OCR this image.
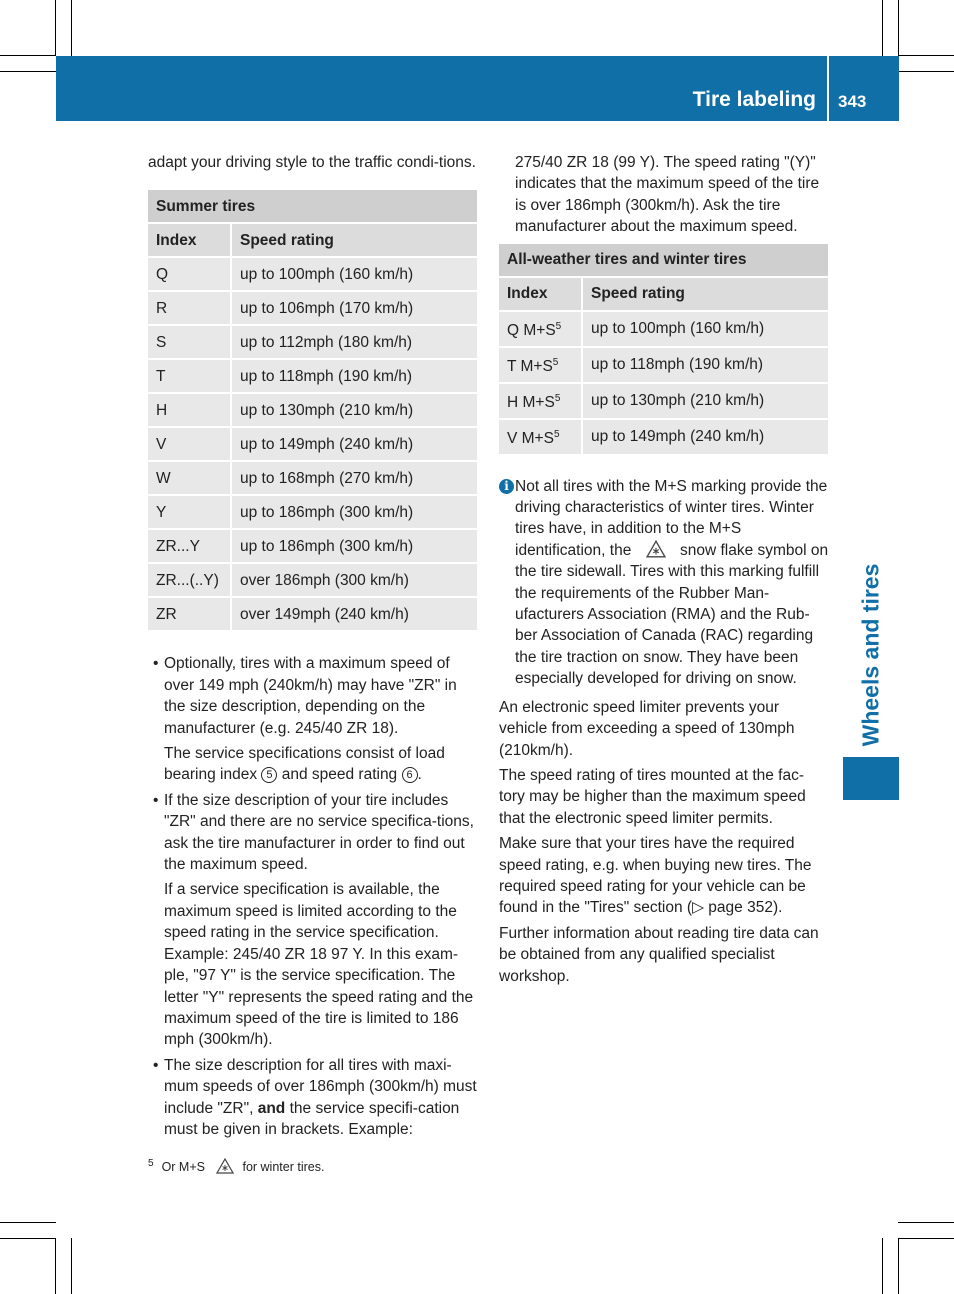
Tire labeling 343
Wheels and tires

adapt your driving style to the traffic condi-tions.

Summer tires	
Index	Speed rating
Q	up to 100mph (160 km/h)
R	up to 106mph (170 km/h)
S	up to 112mph (180 km/h)
T	up to 118mph (190 km/h)
H	up to 130mph (210 km/h)
V	up to 149mph (240 km/h)
W	up to 168mph (270 km/h)
Y	up to 186mph (300 km/h)
ZR...Y	up to 186mph (300 km/h)
ZR...(..Y)	over 186mph (300 km/h)
ZR	over 149mph (240 km/h)

• Optionally, tires with a maximum speed of over 149 mph (240km/h) may have "ZR" in the size description, depending on the manufacturer (e.g. 245/40 ZR 18).

The service specifications consist of load bearing index 5 and speed rating 6 .

• If the size description of your tire includes "ZR" and there are no service specifica-tions, ask the tire manufacturer in order to find out the maximum speed.

If a service specification is available, the maximum speed is limited according to the speed rating in the service specification. Example: 245/40 ZR 18 97 Y. In this exam-ple, "97 Y" is the service specification. The letter "Y" represents the speed rating and the maximum speed of the tire is limited to 186 mph (300km/h).

• The size description for all tires with maxi-mum speeds of over 186mph (300km/h) must include "ZR", and the service specifi-cation must be given in brackets. Example:

$^5$ Or M+S	for winter tires.

275/40 ZR 18 (99 Y). The speed rating "(Y)" indicates that the maximum speed of the tire is over 186mph (300km/h). Ask the tire manufacturer about the maximum speed.

All-weather tires and winter tires	
Index	Speed rating
Q $M+S^5$	up to 100mph (160 km/h)
T $M+S^5$	up to 118mph (190 km/h)
H $M+S^5$	up to 130mph (210 km/h)
V $M+S^5$	up to 149mph (240 km/h)
i Not all tires with the M+S marking provide the driving characteristics of winter tires. Winter tires have, in addition to the M+S identification, the	snow flake symbol on the tire sidewall. Tires with this marking fulfill the requirements of the Rubber Man-ufacturers Association (RMA) and the Rub-ber Association of Canada (RAC) regarding the tire traction on snow. They have been especially developed for driving on snow.

An electronic speed limiter prevents your vehicle from exceeding a speed of 130mph (210km/h).

The speed rating of tires mounted at the fac-tory may be higher than the maximum speed that the electronic speed limiter permits.

Make sure that your tires have the required speed rating, e.g. when buying new tires. The required speed rating for your vehicle can be found in the "Tires" section (▷ page 352).

Further information about reading tire data can be obtained from any qualified specialist workshop.
